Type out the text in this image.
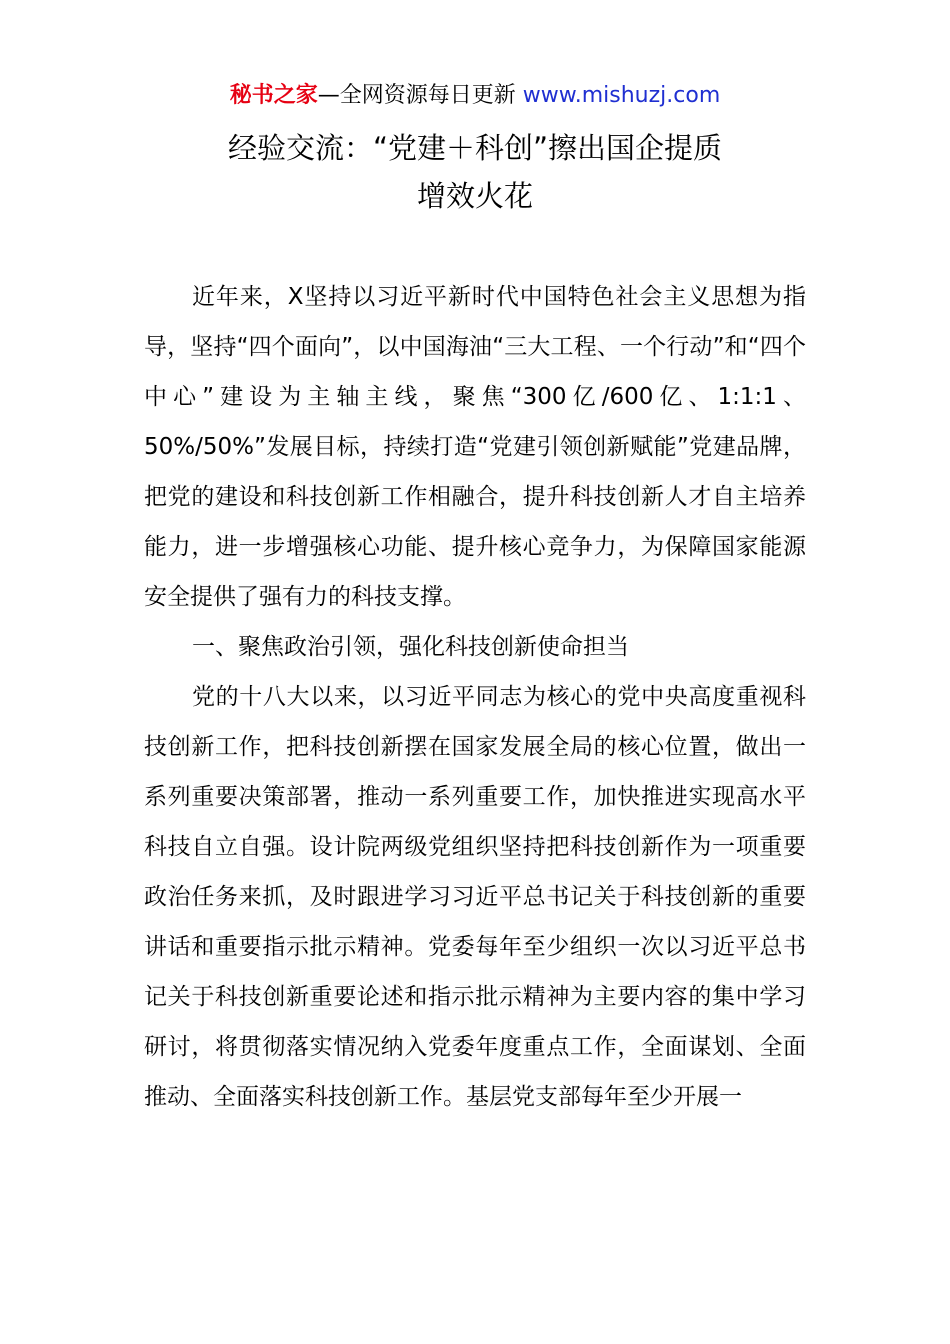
秘书之家—全网资源每日更新 www.mishuzj.com
经验交流：“党建＋科创”擦出国企提质
增效火花

近年来，X坚持以习近平新时代中国特色社会主义思想为指导，坚持“四个面向”，以中国海油“三大工程、一个行动”和“四个中心”建设为主轴主线，聚焦“300亿/600亿、1:1:1、50%/50%”发展目标，持续打造“党建引领创新赋能”党建品牌，把党的建设和科技创新工作相融合，提升科技创新人才自主培养能力，进一步增强核心功能、提升核心竞争力，为保障国家能源安全提供了强有力的科技支撑。

一、聚焦政治引领，强化科技创新使命担当

党的十八大以来，以习近平同志为核心的党中央高度重视科技创新工作，把科技创新摆在国家发展全局的核心位置，做出一系列重要决策部署，推动一系列重要工作，加快推进实现高水平科技自立自强。设计院两级党组织坚持把科技创新作为一项重要政治任务来抓，及时跟进学习习近平总书记关于科技创新的重要讲话和重要指示批示精神。党委每年至少组织一次以习近平总书记关于科技创新重要论述和指示批示精神为主要内容的集中学习研讨，将贯彻落实情况纳入党委年度重点工作，全面谋划、全面推动、全面落实科技创新工作。基层党支部每年至少开展一
